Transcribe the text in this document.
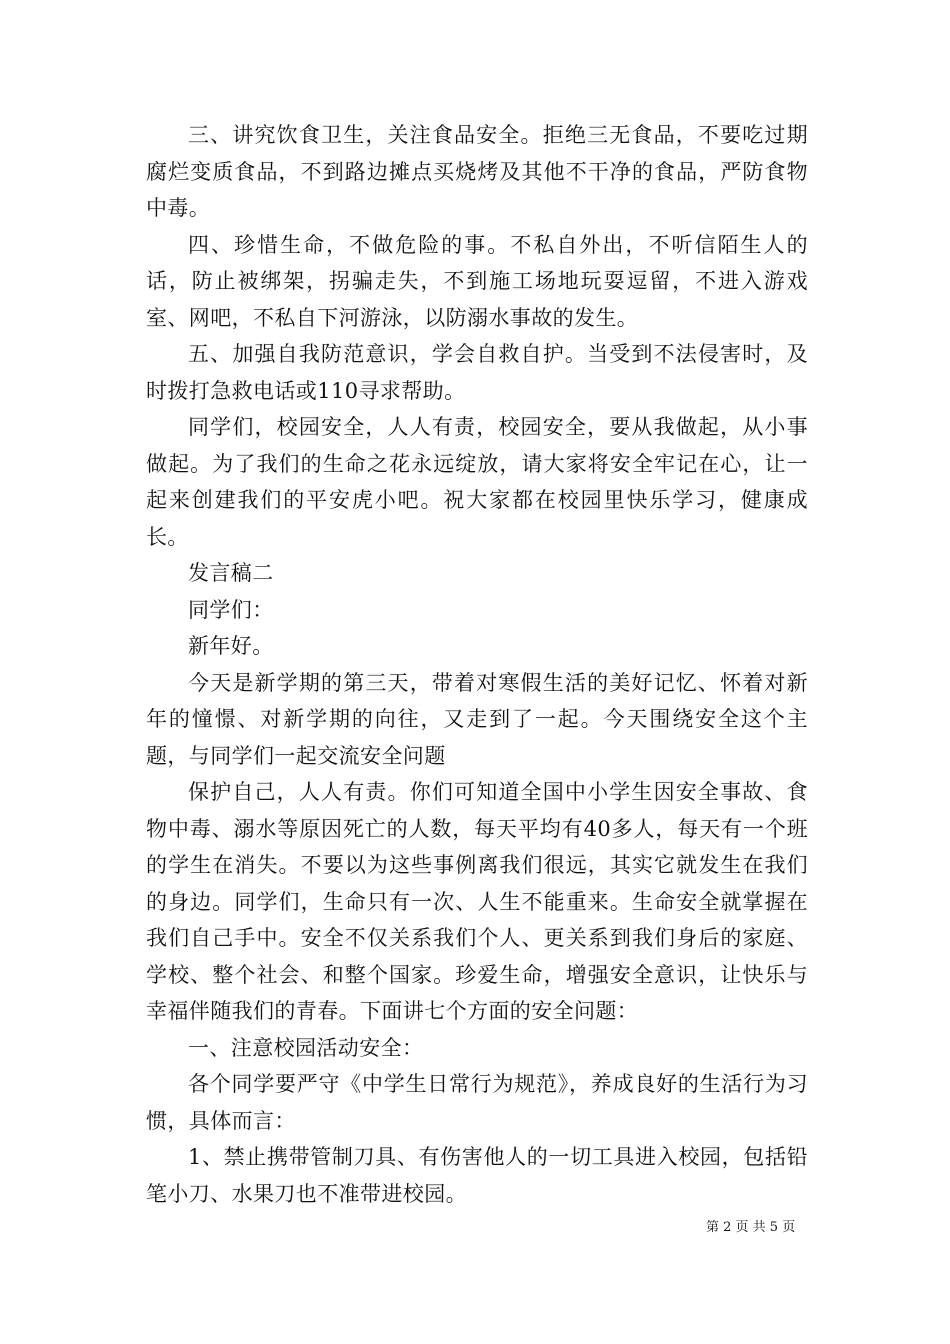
三、讲究饮食卫生，关注食品安全。拒绝三无食品，不要吃过期腐烂变质食品，不到路边摊点买烧烤及其他不干净的食品，严防食物中毒。

四、珍惜生命，不做危险的事。不私自外出，不听信陌生人的话，防止被绑架，拐骗走失，不到施工场地玩耍逗留，不进入游戏室、网吧，不私自下河游泳，以防溺水事故的发生。

五、加强自我防范意识，学会自救自护。当受到不法侵害时，及时拨打急救电话或110寻求帮助。

同学们，校园安全，人人有责，校园安全，要从我做起，从小事做起。为了我们的生命之花永远绽放，请大家将安全牢记在心，让一起来创建我们的平安虎小吧。祝大家都在校园里快乐学习，健康成长。

发言稿二

同学们：

新年好。

今天是新学期的第三天，带着对寒假生活的美好记忆、怀着对新年的憧憬、对新学期的向往，又走到了一起。今天围绕安全这个主题，与同学们一起交流安全问题

保护自己，人人有责。你们可知道全国中小学生因安全事故、食物中毒、溺水等原因死亡的人数，每天平均有40多人，每天有一个班的学生在消失。不要以为这些事例离我们很远，其实它就发生在我们的身边。同学们，生命只有一次、人生不能重来。生命安全就掌握在我们自己手中。安全不仅关系我们个人、更关系到我们身后的家庭、学校、整个社会、和整个国家。珍爱生命，增强安全意识，让快乐与幸福伴随我们的青春。下面讲七个方面的安全问题：

一、注意校园活动安全：

各个同学要严守《中学生日常行为规范》，养成良好的生活行为习惯，具体而言：

1、禁止携带管制刀具、有伤害他人的一切工具进入校园，包括铅笔小刀、水果刀也不准带进校园。

第 2 页 共 5 页
